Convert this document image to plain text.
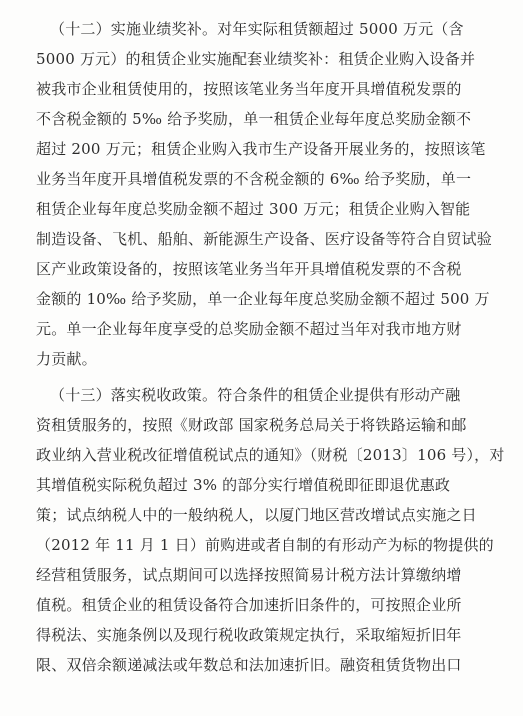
（十二）实施业绩奖补。对年实际租赁额超过 5000 万元（含
5000 万元）的租赁企业实施配套业绩奖补：租赁企业购入设备并
被我市企业租赁使用的，按照该笔业务当年度开具增值税发票的
不含税金额的 5‰ 给予奖励，单一租赁企业每年度总奖励金额不
超过 200 万元；租赁企业购入我市生产设备开展业务的，按照该笔
业务当年度开具增值税发票的不含税金额的 6‰ 给予奖励，单一
租赁企业每年度总奖励金额不超过 300 万元；租赁企业购入智能
制造设备、飞机、船舶、新能源生产设备、医疗设备等符合自贸试验
区产业政策设备的，按照该笔业务当年开具增值税发票的不含税
金额的 10‰ 给予奖励，单一企业每年度总奖励金额不超过 500 万
元。单一企业每年度享受的总奖励金额不超过当年对我市地方财
力贡献。
（十三）落实税收政策。符合条件的租赁企业提供有形动产融
资租赁服务的，按照《财政部 国家税务总局关于将铁路运输和邮
政业纳入营业税改征增值税试点的通知》（财税〔2013〕106 号），对
其增值税实际税负超过 3% 的部分实行增值税即征即退优惠政
策；试点纳税人中的一般纳税人，以厦门地区营改增试点实施之日
（2012 年 11 月 1 日）前购进或者自制的有形动产为标的物提供的
经营租赁服务，试点期间可以选择按照简易计税方法计算缴纳增
值税。租赁企业的租赁设备符合加速折旧条件的，可按照企业所
得税法、实施条例以及现行税收政策规定执行，采取缩短折旧年
限、双倍余额递减法或年数总和法加速折旧。融资租赁货物出口
